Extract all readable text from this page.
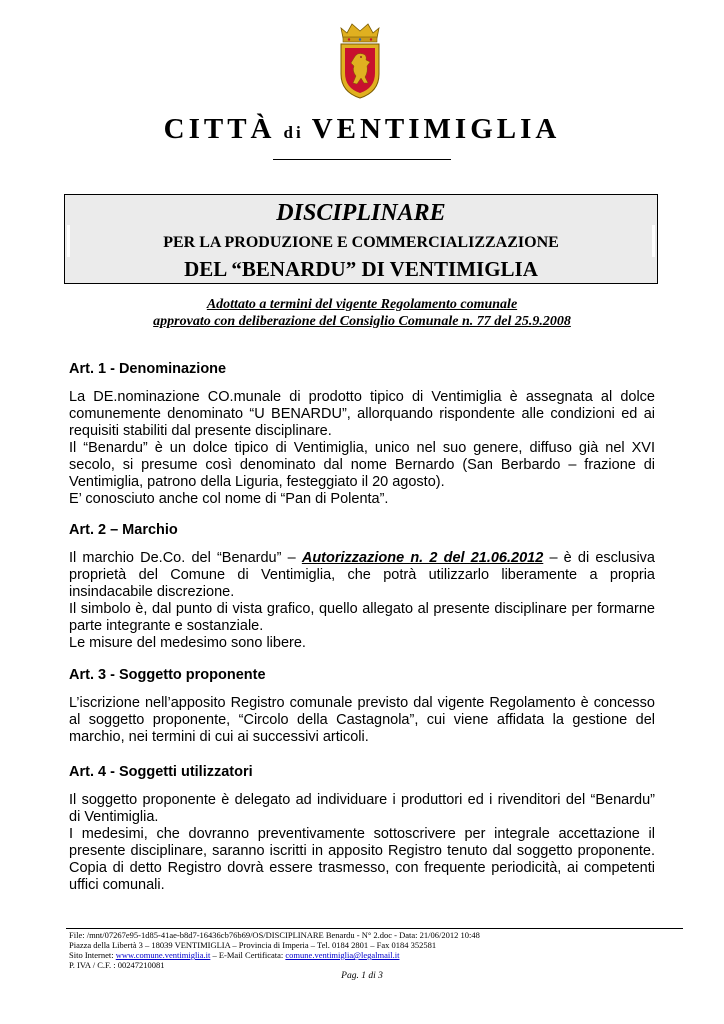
CITTÀ di VENTIMIGLIA
DISCIPLINARE
PER LA PRODUZIONE E COMMERCIALIZZAZIONE
DEL “BENARDU” DI VENTIMIGLIA
Adottato a termini del vigente Regolamento comunale
approvato con deliberazione del Consiglio Comunale n. 77 del 25.9.2008
Art. 1 - Denominazione
La DE.nominazione CO.munale di prodotto tipico di Ventimiglia è assegnata al dolce
comunemente denominato “U BENARDU”, allorquando rispondente alle condizioni ed ai
requisiti stabiliti dal presente disciplinare.
Il “Benardu” è un dolce tipico di Ventimiglia, unico nel suo genere, diffuso già nel XVI
secolo, si presume così denominato dal nome Bernardo (San Berbardo – frazione di
Ventimiglia, patrono della Liguria, festeggiato il 20 agosto).
E’ conosciuto anche col nome di “Pan di Polenta”.
Art. 2 – Marchio
Il marchio De.Co. del “Benardu” – Autorizzazione n. 2 del 21.06.2012 – è di esclusiva
proprietà del Comune di Ventimiglia, che potrà utilizzarlo liberamente a propria
insindacabile discrezione.
Il simbolo è, dal punto di vista grafico, quello allegato al presente disciplinare per formarne
parte integrante e sostanziale.
Le misure del medesimo sono libere.
Art. 3 - Soggetto proponente
L’iscrizione nell’apposito Registro comunale previsto dal vigente Regolamento è concesso
al soggetto proponente, “Circolo della Castagnola”, cui viene affidata la gestione del
marchio, nei termini di cui ai successivi articoli.
Art. 4 - Soggetti utilizzatori
Il soggetto proponente è delegato ad individuare i produttori ed i rivenditori del “Benardu”
di Ventimiglia.
I medesimi, che dovranno preventivamente sottoscrivere per integrale accettazione il
presente disciplinare, saranno iscritti in apposito Registro tenuto dal soggetto proponente.
Copia di detto Registro dovrà essere trasmesso, con frequente periodicità, ai competenti
uffici comunali.
File: /mnt/07267e95-1d85-41ae-b8d7-16436cb76b69/OS/DISCIPLINARE Benardu - N° 2.doc - Data: 21/06/2012 10:48
Piazza della Libertà 3 – 18039 VENTIMIGLIA – Provincia di Imperia – Tel. 0184 2801 – Fax 0184 352581
Sito Internet: www.comune.ventimiglia.it – E-Mail Certificata: comune.ventimiglia@legalmail.it
P. IVA / C.F. : 00247210081
Pag. 1 di 3
